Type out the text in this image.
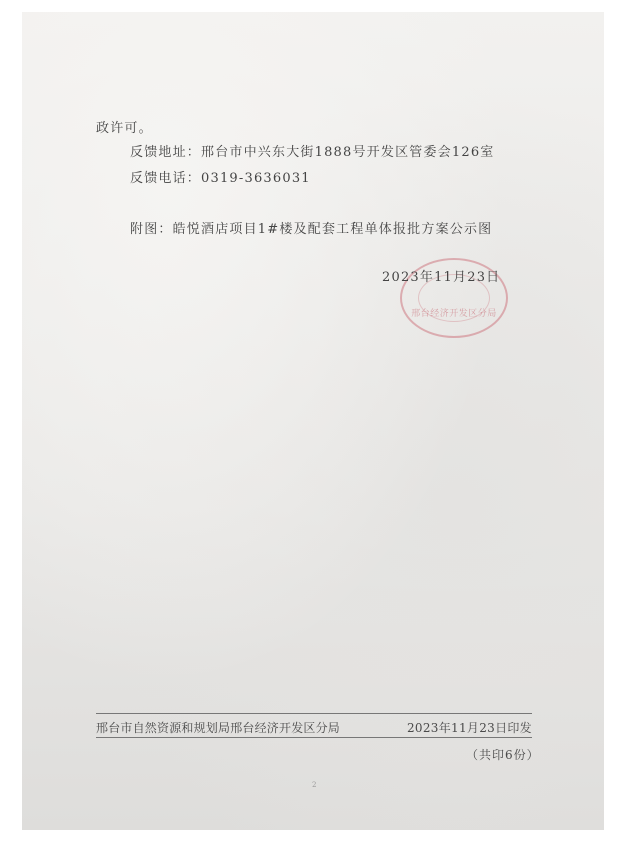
政许可。
反馈地址：邢台市中兴东大街1888号开发区管委会126室
反馈电话：0319-3636031
附图：皓悦酒店项目1#楼及配套工程单体报批方案公示图
邢台经济开发区分局
2023年11月23日
邢台市自然资源和规划局邢台经济开发区分局	2023年11月23日印发
（共印6份）
2
